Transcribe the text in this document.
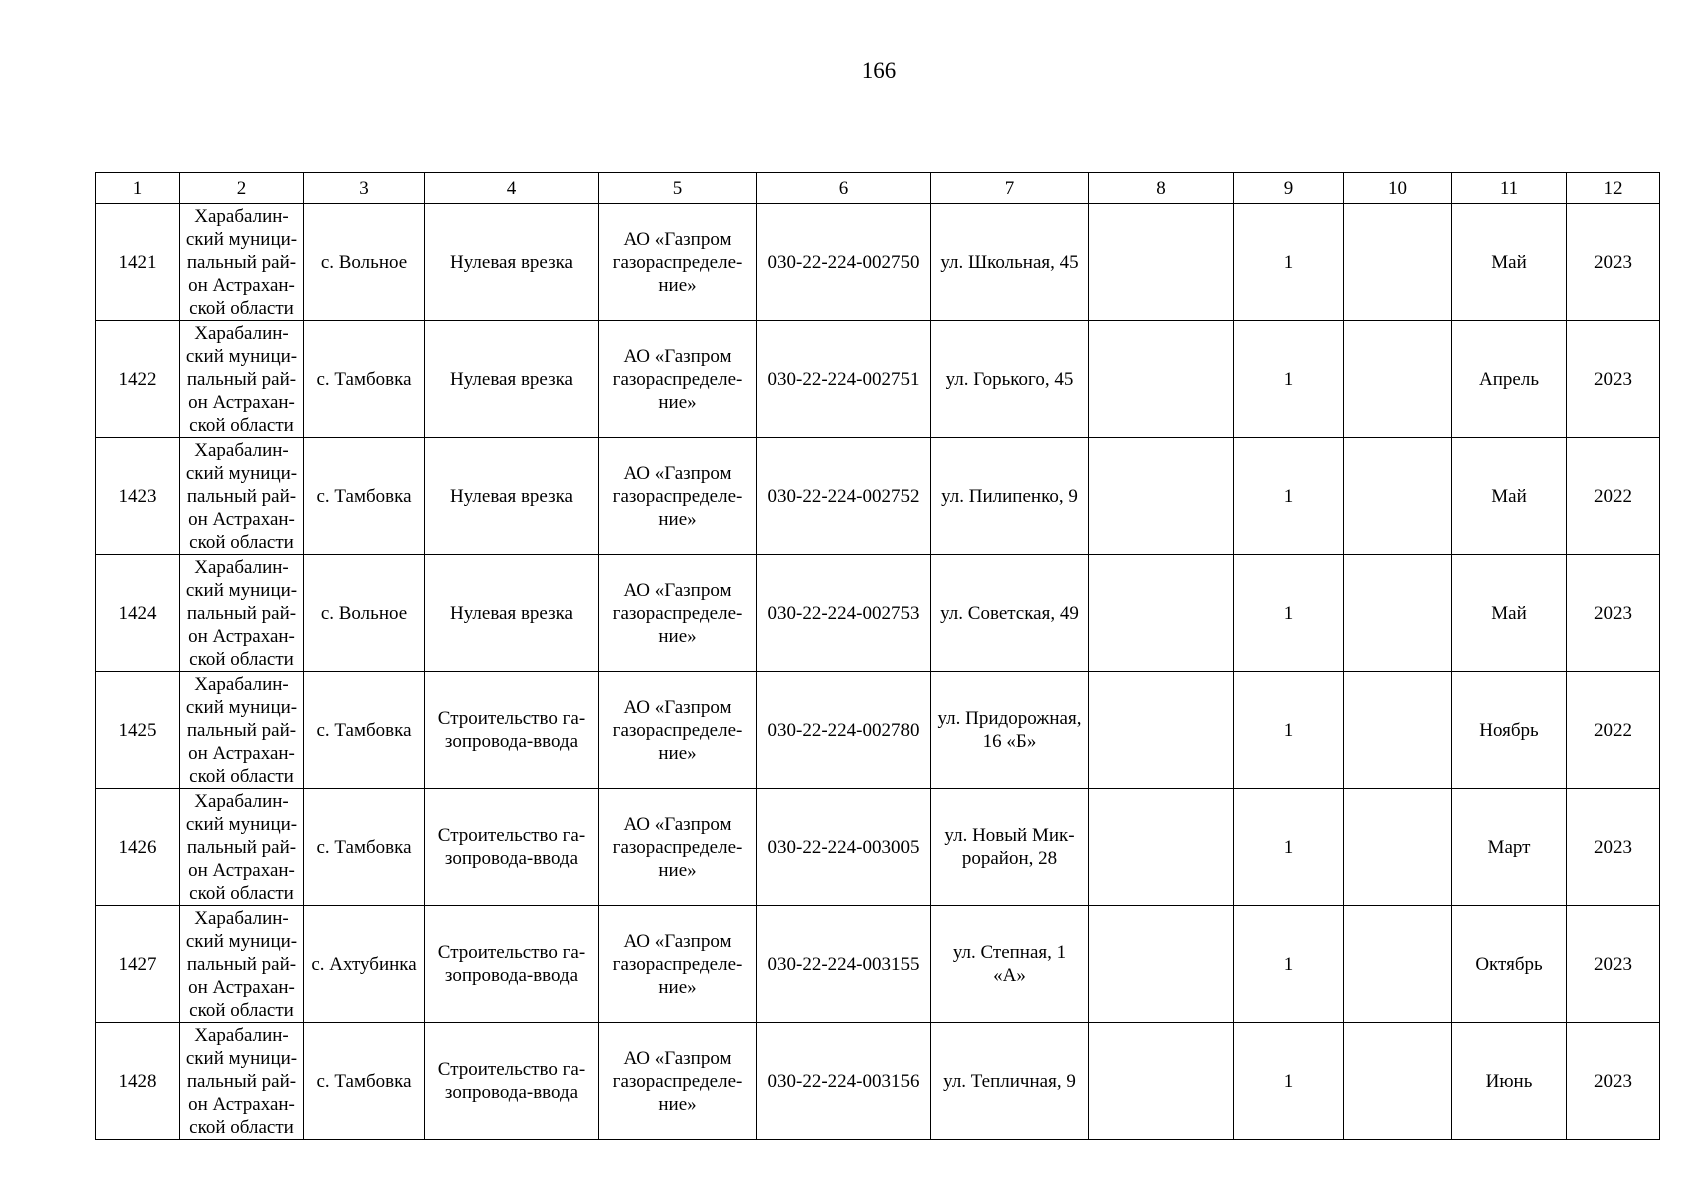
166
1	2	3	4	5	6	7	8	9	10	11	12
1421	Харабалин-
ский муници-
пальный рай-
он Астрахан-
ской области	с. Вольное	Нулевая врезка	АО «Газпром
газораспределе-
ние»	030-22-224-002750	ул. Школьная, 45		1		Май	2023
1422	Харабалин-
ский муници-
пальный рай-
он Астрахан-
ской области	с. Тамбовка	Нулевая врезка	АО «Газпром
газораспределе-
ние»	030-22-224-002751	ул. Горького, 45		1		Апрель	2023
1423	Харабалин-
ский муници-
пальный рай-
он Астрахан-
ской области	с. Тамбовка	Нулевая врезка	АО «Газпром
газораспределе-
ние»	030-22-224-002752	ул. Пилипенко, 9		1		Май	2022
1424	Харабалин-
ский муници-
пальный рай-
он Астрахан-
ской области	с. Вольное	Нулевая врезка	АО «Газпром
газораспределе-
ние»	030-22-224-002753	ул. Советская, 49		1		Май	2023
1425	Харабалин-
ский муници-
пальный рай-
он Астрахан-
ской области	с. Тамбовка	Строительство га-
зопровода-ввода	АО «Газпром
газораспределе-
ние»	030-22-224-002780	ул. Придорожная,
16 «Б»		1		Ноябрь	2022
1426	Харабалин-
ский муници-
пальный рай-
он Астрахан-
ской области	с. Тамбовка	Строительство га-
зопровода-ввода	АО «Газпром
газораспределе-
ние»	030-22-224-003005	ул. Новый Мик-
рорайон, 28		1		Март	2023
1427	Харабалин-
ский муници-
пальный рай-
он Астрахан-
ской области	с. Ахтубинка	Строительство га-
зопровода-ввода	АО «Газпром
газораспределе-
ние»	030-22-224-003155	ул. Степная, 1
«А»		1		Октябрь	2023
1428	Харабалин-
ский муници-
пальный рай-
он Астрахан-
ской области	с. Тамбовка	Строительство га-
зопровода-ввода	АО «Газпром
газораспределе-
ние»	030-22-224-003156	ул. Тепличная, 9		1		Июнь	2023
